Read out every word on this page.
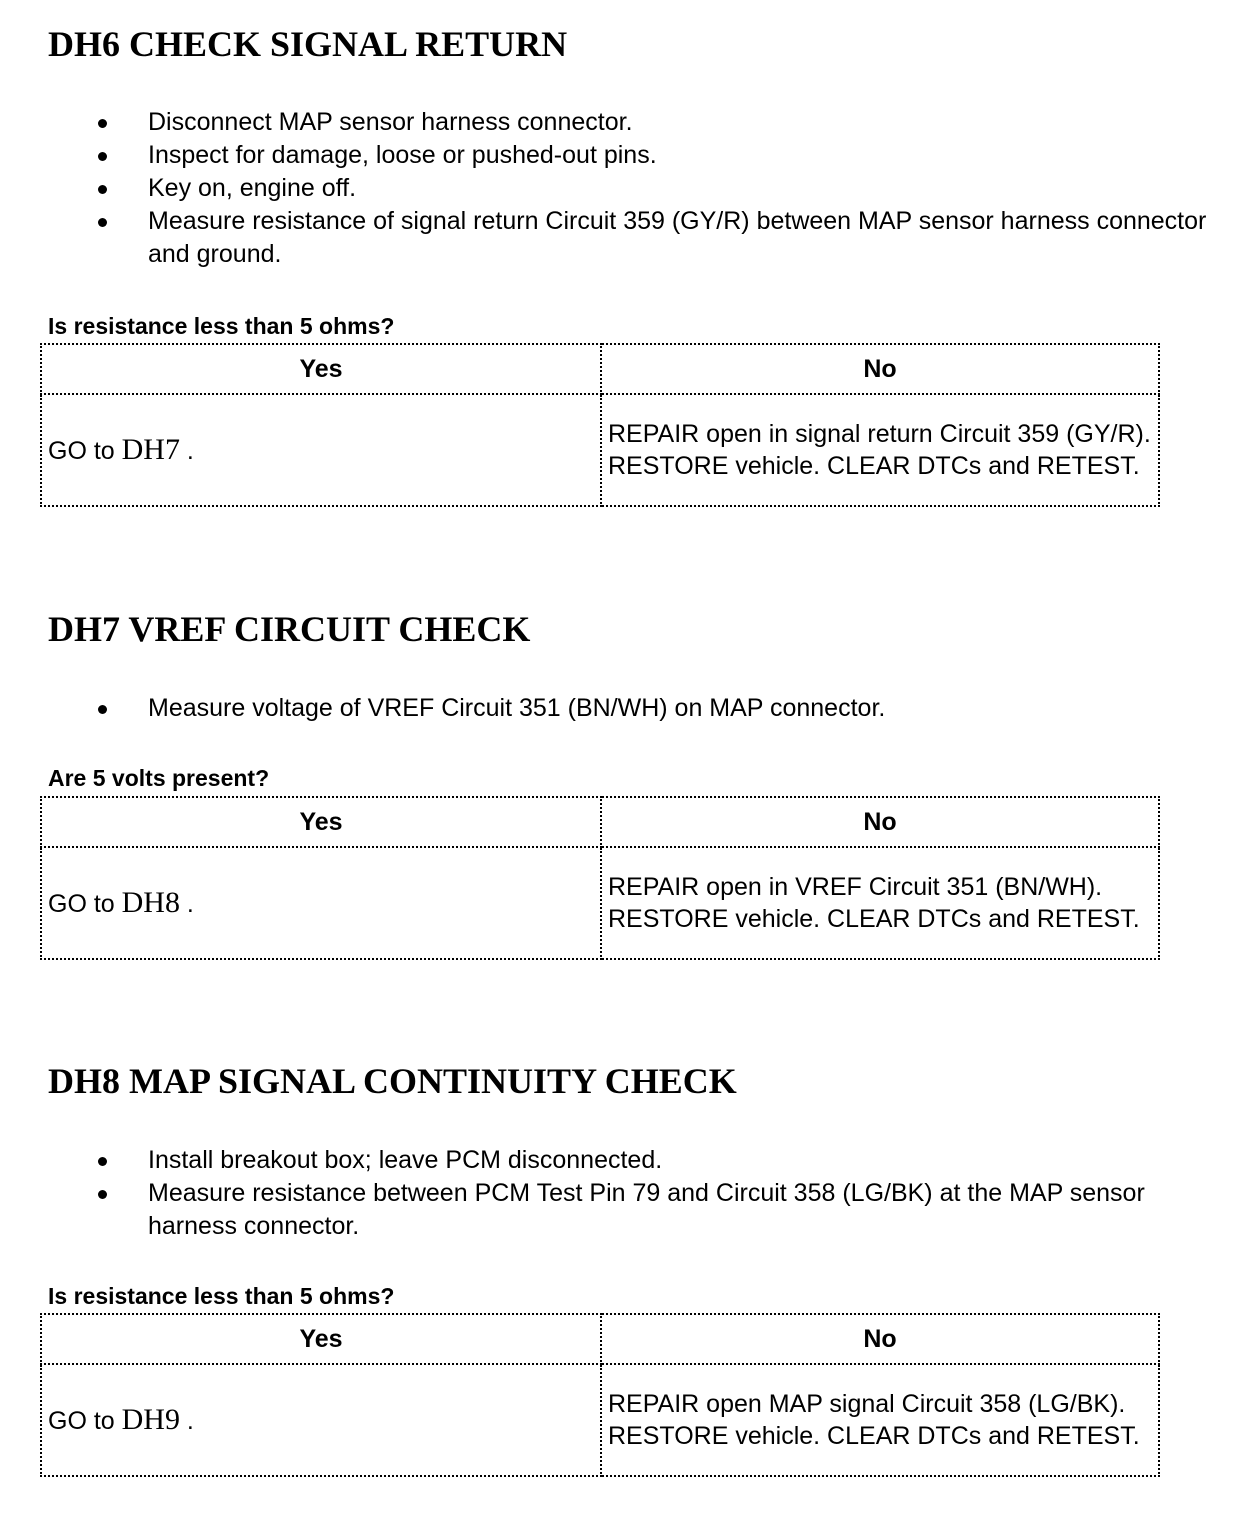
DH6 CHECK SIGNAL RETURN
Disconnect MAP sensor harness connector.
Inspect for damage, loose or pushed-out pins.
Key on, engine off.
Measure resistance of signal return Circuit 359 (GY/R) between MAP sensor harness connector and ground.

Is resistance less than 5 ohms?

Yes	No
GO to DH7 .	REPAIR open in signal return Circuit 359 (GY/R). RESTORE vehicle. CLEAR DTCs and RETEST.
DH7 VREF CIRCUIT CHECK
Measure voltage of VREF Circuit 351 (BN/WH) on MAP connector.

Are 5 volts present?

Yes	No
GO to DH8 .	REPAIR open in VREF Circuit 351 (BN/WH). RESTORE vehicle. CLEAR DTCs and RETEST.
DH8 MAP SIGNAL CONTINUITY CHECK
Install breakout box; leave PCM disconnected.
Measure resistance between PCM Test Pin 79 and Circuit 358 (LG/BK) at the MAP sensor harness connector.

Is resistance less than 5 ohms?

Yes	No
GO to DH9 .	REPAIR open MAP signal Circuit 358 (LG/BK). RESTORE vehicle. CLEAR DTCs and RETEST.
